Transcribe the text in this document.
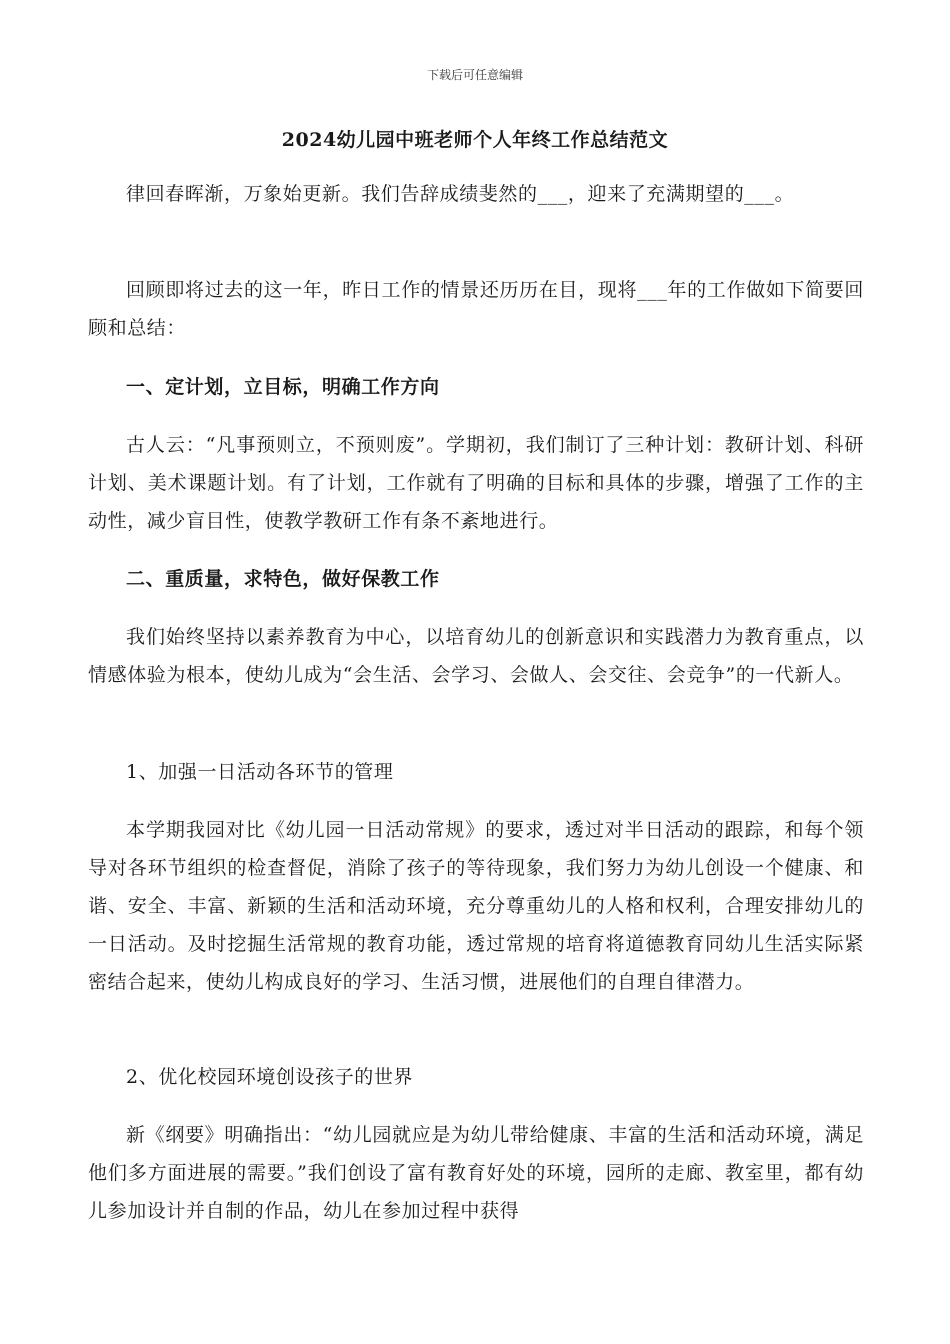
下载后可任意编辑
2024幼儿园中班老师个人年终工作总结范文
律回春晖渐，万象始更新。我们告辞成绩斐然的___，迎来了充满期望的___。
回顾即将过去的这一年，昨日工作的情景还历历在目，现将___年的工作做如下简要回顾和总结：
一、定计划，立目标，明确工作方向
古人云：“凡事预则立，不预则废”。学期初，我们制订了三种计划：教研计划、科研计划、美术课题计划。有了计划，工作就有了明确的目标和具体的步骤，增强了工作的主动性，减少盲目性，使教学教研工作有条不紊地进行。
二、重质量，求特色，做好保教工作
我们始终坚持以素养教育为中心，以培育幼儿的创新意识和实践潜力为教育重点，以情感体验为根本，使幼儿成为“会生活、会学习、会做人、会交往、会竞争”的一代新人。
1、加强一日活动各环节的管理
本学期我园对比《幼儿园一日活动常规》的要求，透过对半日活动的跟踪，和每个领导对各环节组织的检查督促，消除了孩子的等待现象，我们努力为幼儿创设一个健康、和谐、安全、丰富、新颖的生活和活动环境，充分尊重幼儿的人格和权利，合理安排幼儿的一日活动。及时挖掘生活常规的教育功能，透过常规的培育将道德教育同幼儿生活实际紧密结合起来，使幼儿构成良好的学习、生活习惯，进展他们的自理自律潜力。
2、优化校园环境创设孩子的世界
新《纲要》明确指出：“幼儿园就应是为幼儿带给健康、丰富的生活和活动环境，满足他们多方面进展的需要。”我们创设了富有教育好处的环境，园所的走廊、教室里，都有幼儿参加设计并自制的作品，幼儿在参加过程中获得
